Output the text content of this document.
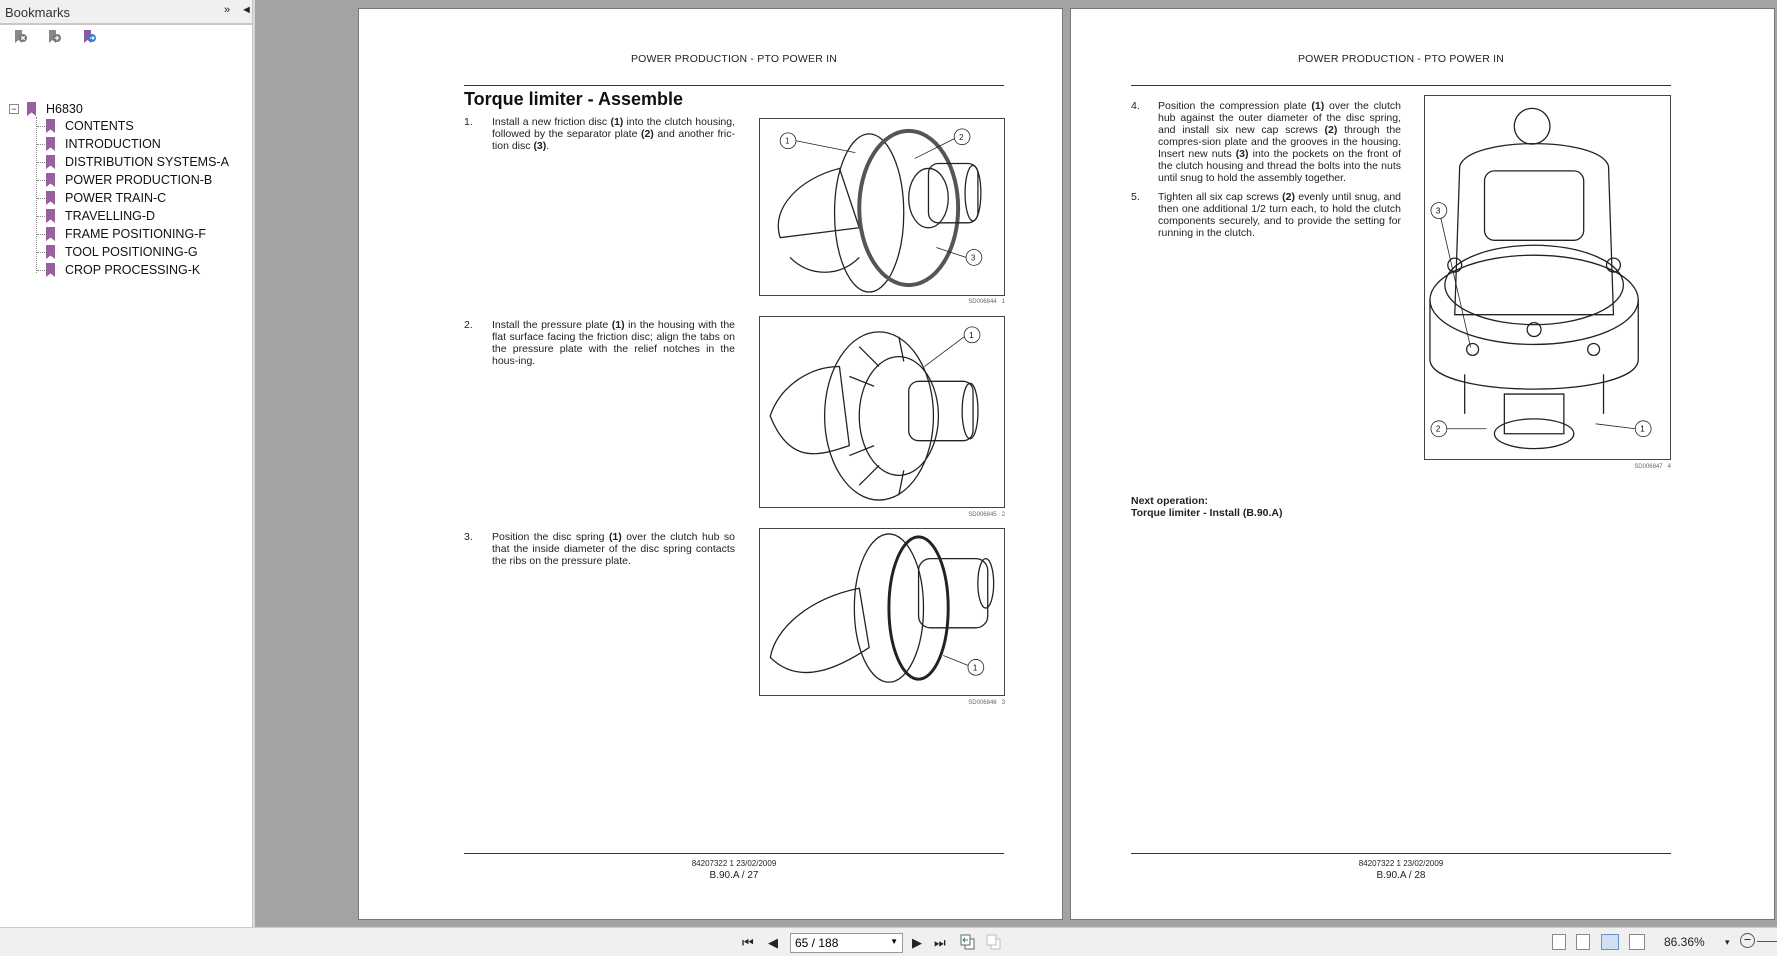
Bookmarks	» ◄
− H6830
CONTENTS
INTRODUCTION
DISTRIBUTION SYSTEMS-A
POWER PRODUCTION-B
POWER TRAIN-C
TRAVELLING-D
FRAME POSITIONING-F
TOOL POSITIONING-G
CROP PROCESSING-K
POWER PRODUCTION - PTO POWER IN
Torque limiter - Assemble
1.	Install a new friction disc (1) into the clutch housing, followed by the separator plate (2) and another fric-tion disc (3).	1	2
3
SD006844 1
2.	Install the pressure plate (1) in the housing with the flat surface facing the friction disc; align the tabs on the pressure plate with the relief notches in the hous-ing.
1
SD006845 2
3.	Position the disc spring (1) over the clutch hub so that the inside diameter of the disc spring contacts the ribs on the pressure plate.
1
SD006846 3
84207322 1 23/02/2009
B.90.A / 27
POWER PRODUCTION - PTO POWER IN
4.	Position the compression plate (1) over the clutch hub against the outer diameter of the disc spring, and install six new cap screws (2) through the compres-sion plate and the grooves in the housing. Insert new nuts (3) into the pockets on the front of the clutch housing and thread the bolts into the nuts until snug to hold the assembly together.
5.	Tighten all six cap screws (2) evenly until snug, and then one additional 1/2 turn each, to hold the clutch components securely, and to provide the setting for running in the clutch.
3
2	1
SD006847 4
Next operation:
Torque limiter - Install (B.90.A)
84207322 1 23/02/2009
B.90.A / 28
⏮ ◀	65 / 188	▼ ▶ ⏭	86.36% ▾ −
